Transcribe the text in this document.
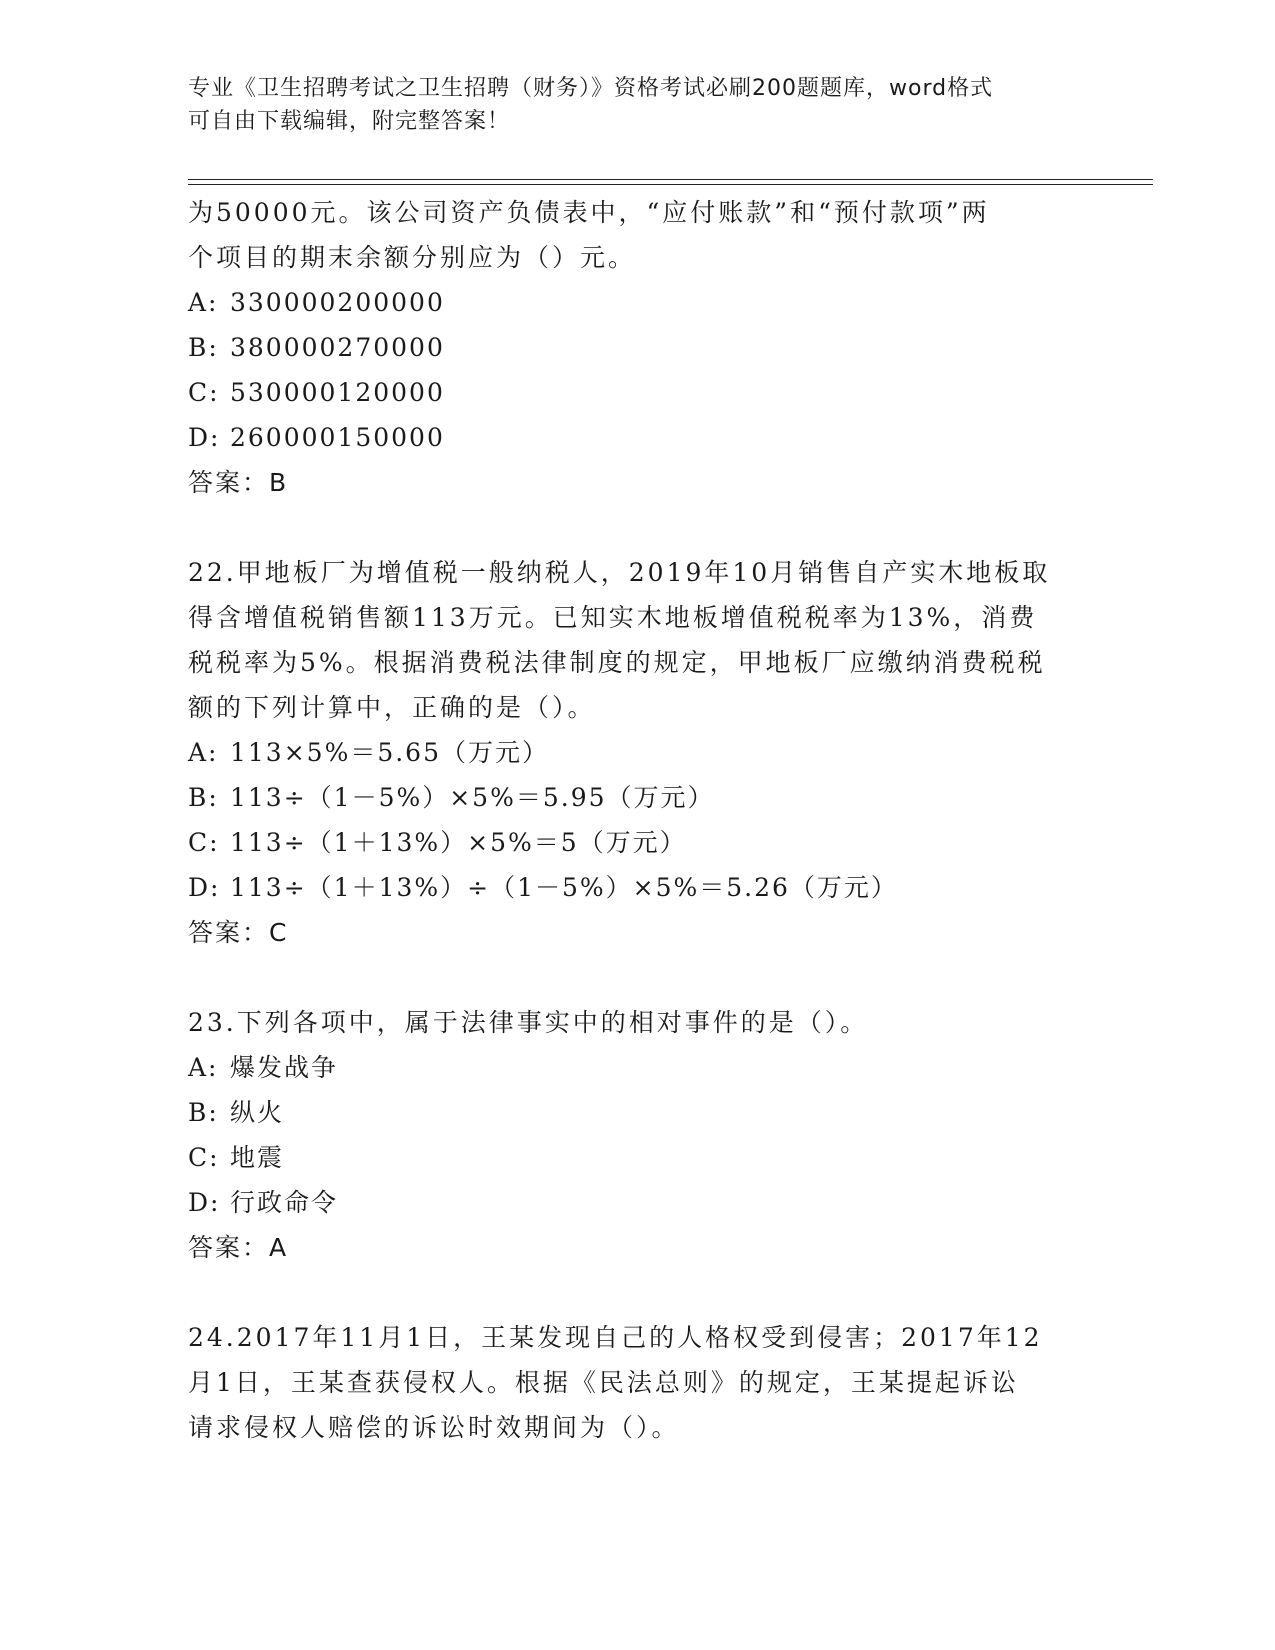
专业《卫生招聘考试之卫生招聘（财务）》资格考试必刷200题题库，word格式
可自由下载编辑，附完整答案！
为50000元。该公司资产负债表中，“应付账款”和“预付款项”两
个项目的期末余额分别应为（）元。
A: 330000200000
B: 380000270000
C: 530000120000
D: 260000150000
答案：B
22.甲地板厂为增值税一般纳税人，2019年10月销售自产实木地板取
得含增值税销售额113万元。已知实木地板增值税税率为13%，消费
税税率为5%。根据消费税法律制度的规定，甲地板厂应缴纳消费税税
额的下列计算中，正确的是（）。
A: 113×5%＝5.65（万元）
B: 113÷（1－5%）×5%＝5.95（万元）
C: 113÷（1＋13%）×5%＝5（万元）
D: 113÷（1＋13%）÷（1－5%）×5%＝5.26（万元）
答案：C
23.下列各项中，属于法律事实中的相对事件的是（）。
A: 爆发战争
B: 纵火
C: 地震
D: 行政命令
答案：A
24.2017年11月1日，王某发现自己的人格权受到侵害；2017年12
月1日，王某查获侵权人。根据《民法总则》的规定，王某提起诉讼
请求侵权人赔偿的诉讼时效期间为（）。
